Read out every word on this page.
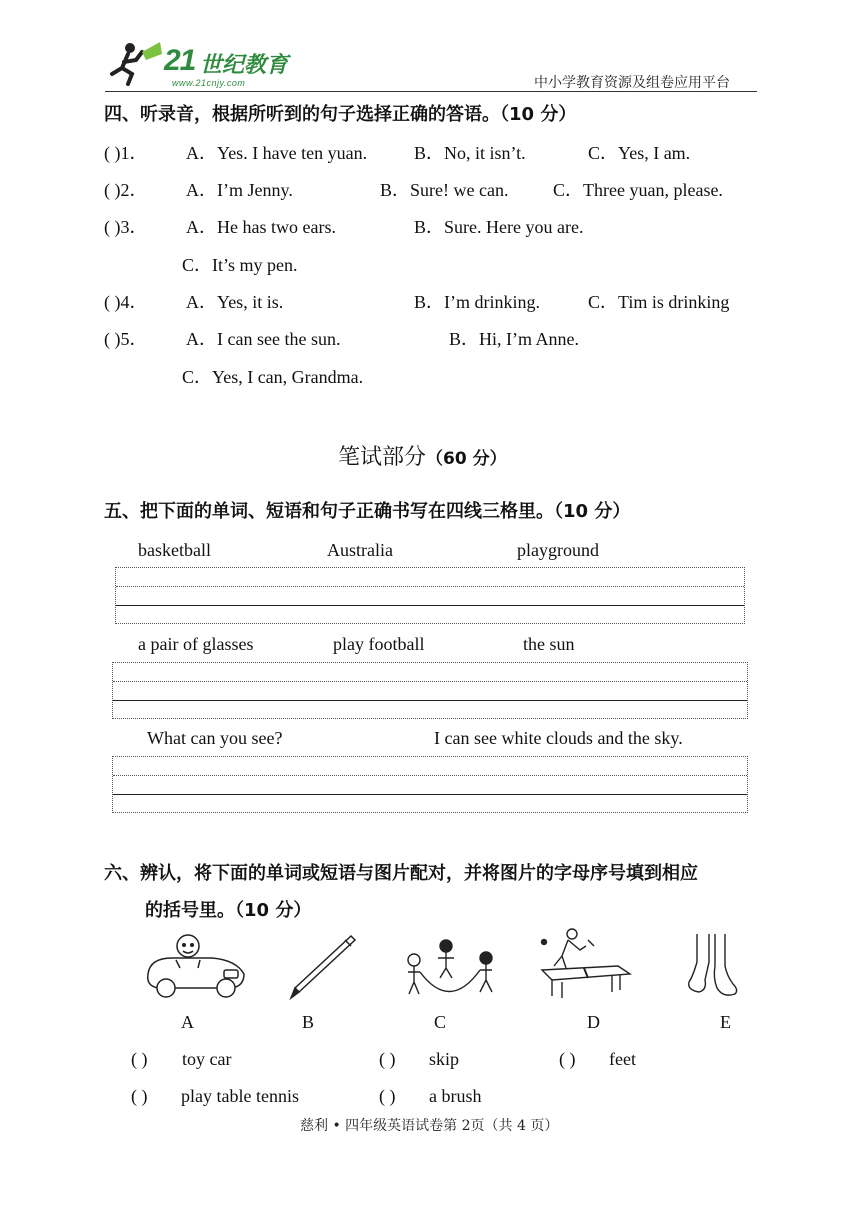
21 世纪教育
www.21cnjy.com	中小学教育资源及组卷应用平台
四、听录音，根据所听到的句子选择正确的答语。（10 分）
( )1． A．Yes. I have ten yuan.	B．No, it isn’t.	C．Yes, I am.
( )2． A．I’m Jenny.	B．Sure! we can. C．Three yuan, please.
( )3． A．He has two ears.	B．Sure. Here you are.
C．It’s my pen.
( )4． A．Yes, it is.	B．I’m drinking.	C．Tim is drinking
( )5． A．I can see the sun.	B．Hi, I’m Anne.
C．Yes, I can, Grandma.
笔试部分（60 分）
五、把下面的单词、短语和句子正确书写在四线三格里。（10 分）
basketball	Australia	playground
a pair of glasses	play football	the sun
What can you see?	I can see white clouds and the sky.
六、辨认，将下面的单词或短语与图片配对，并将图片的字母序号填到相应
的括号里。（10 分）
A	B	C	D	E
( ) toy car	( ) skip	( ) feet
( ) play table tennis	( ) a brush
慈利 • 四年级英语试卷第 2页（共 4 页）
